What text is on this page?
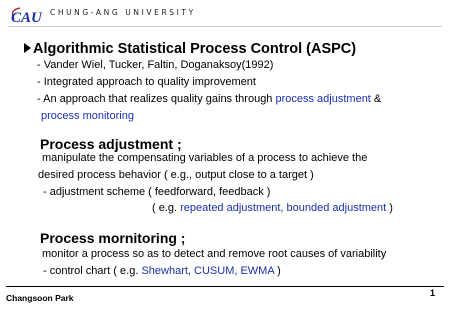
CAU CHUNG-ANG UNIVERSITY
Algorithmic Statistical Process Control (ASPC)
- Vander Wiel, Tucker, Faltin, Doganaksoy(1992)
- Integrated approach to quality improvement
- An approach that realizes quality gains through process adjustment &
process monitoring
Process adjustment ;
manipulate the compensating variables of a process to achieve the
desired process behavior ( e.g., output close to a target )
- adjustment scheme ( feedforward, feedback )
( e.g. repeated adjustment, bounded adjustment )
Process mornitoring ;
monitor a process so as to detect and remove root causes of variability
- control chart ( e.g. Shewhart, CUSUM, EWMA )
Changsoon Park	1
